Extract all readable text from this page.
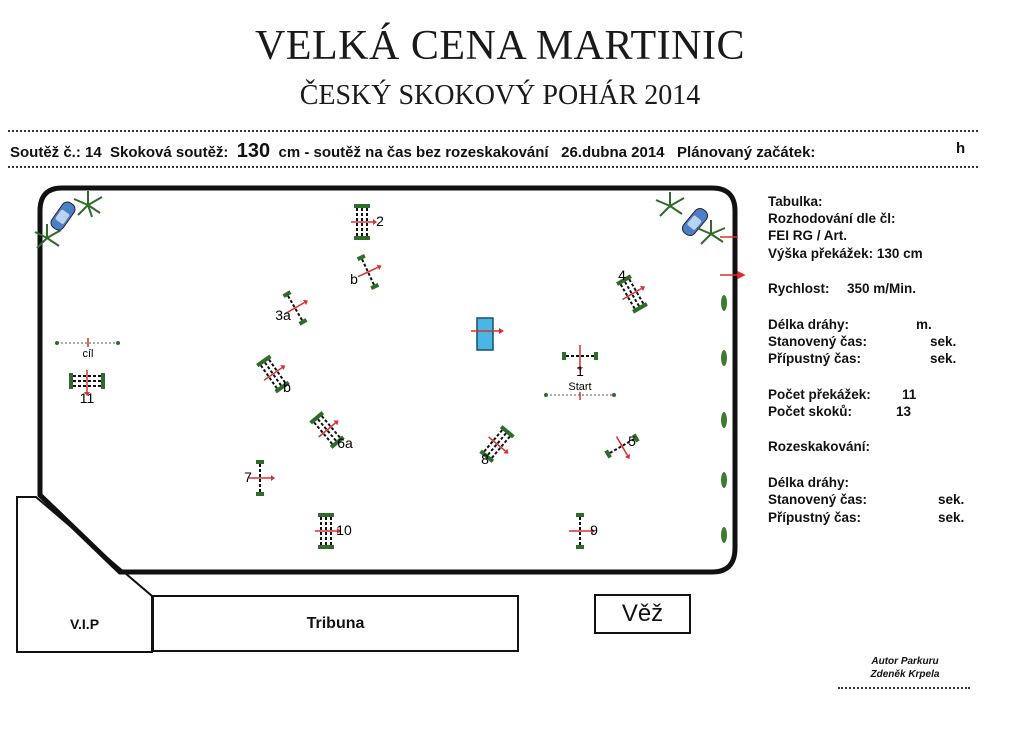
VELKÁ CENA MARTINIC
ČESKÝ SKOKOVÝ POHÁR 2014
Soutěž č.: 14 Skoková soutěž: 130 cm - soutěž na čas bez rozeskakování 26.dubna 2014 Plánovaný začátek:	h
Start
cíl
1
2
b
3a
b
4
5
6a
7
8
9
10
11
Tabulka:
Rozhodování dle čl:
FEI RG / Art.
Výška překážek: 130 cm
Rychlost: 350 m/Min.
Délka dráhy:	m.
Stanovený čas:	sek.
Přípustný čas:	sek.
Počet překážek: 11
Počet skoků:	13
Rozeskakování:
Délka dráhy:
Stanovený čas:	sek.
Přípustný čas:	sek.
V.I.P	Tribuna	Věž
Autor Parkuru
Zdeněk Krpela
